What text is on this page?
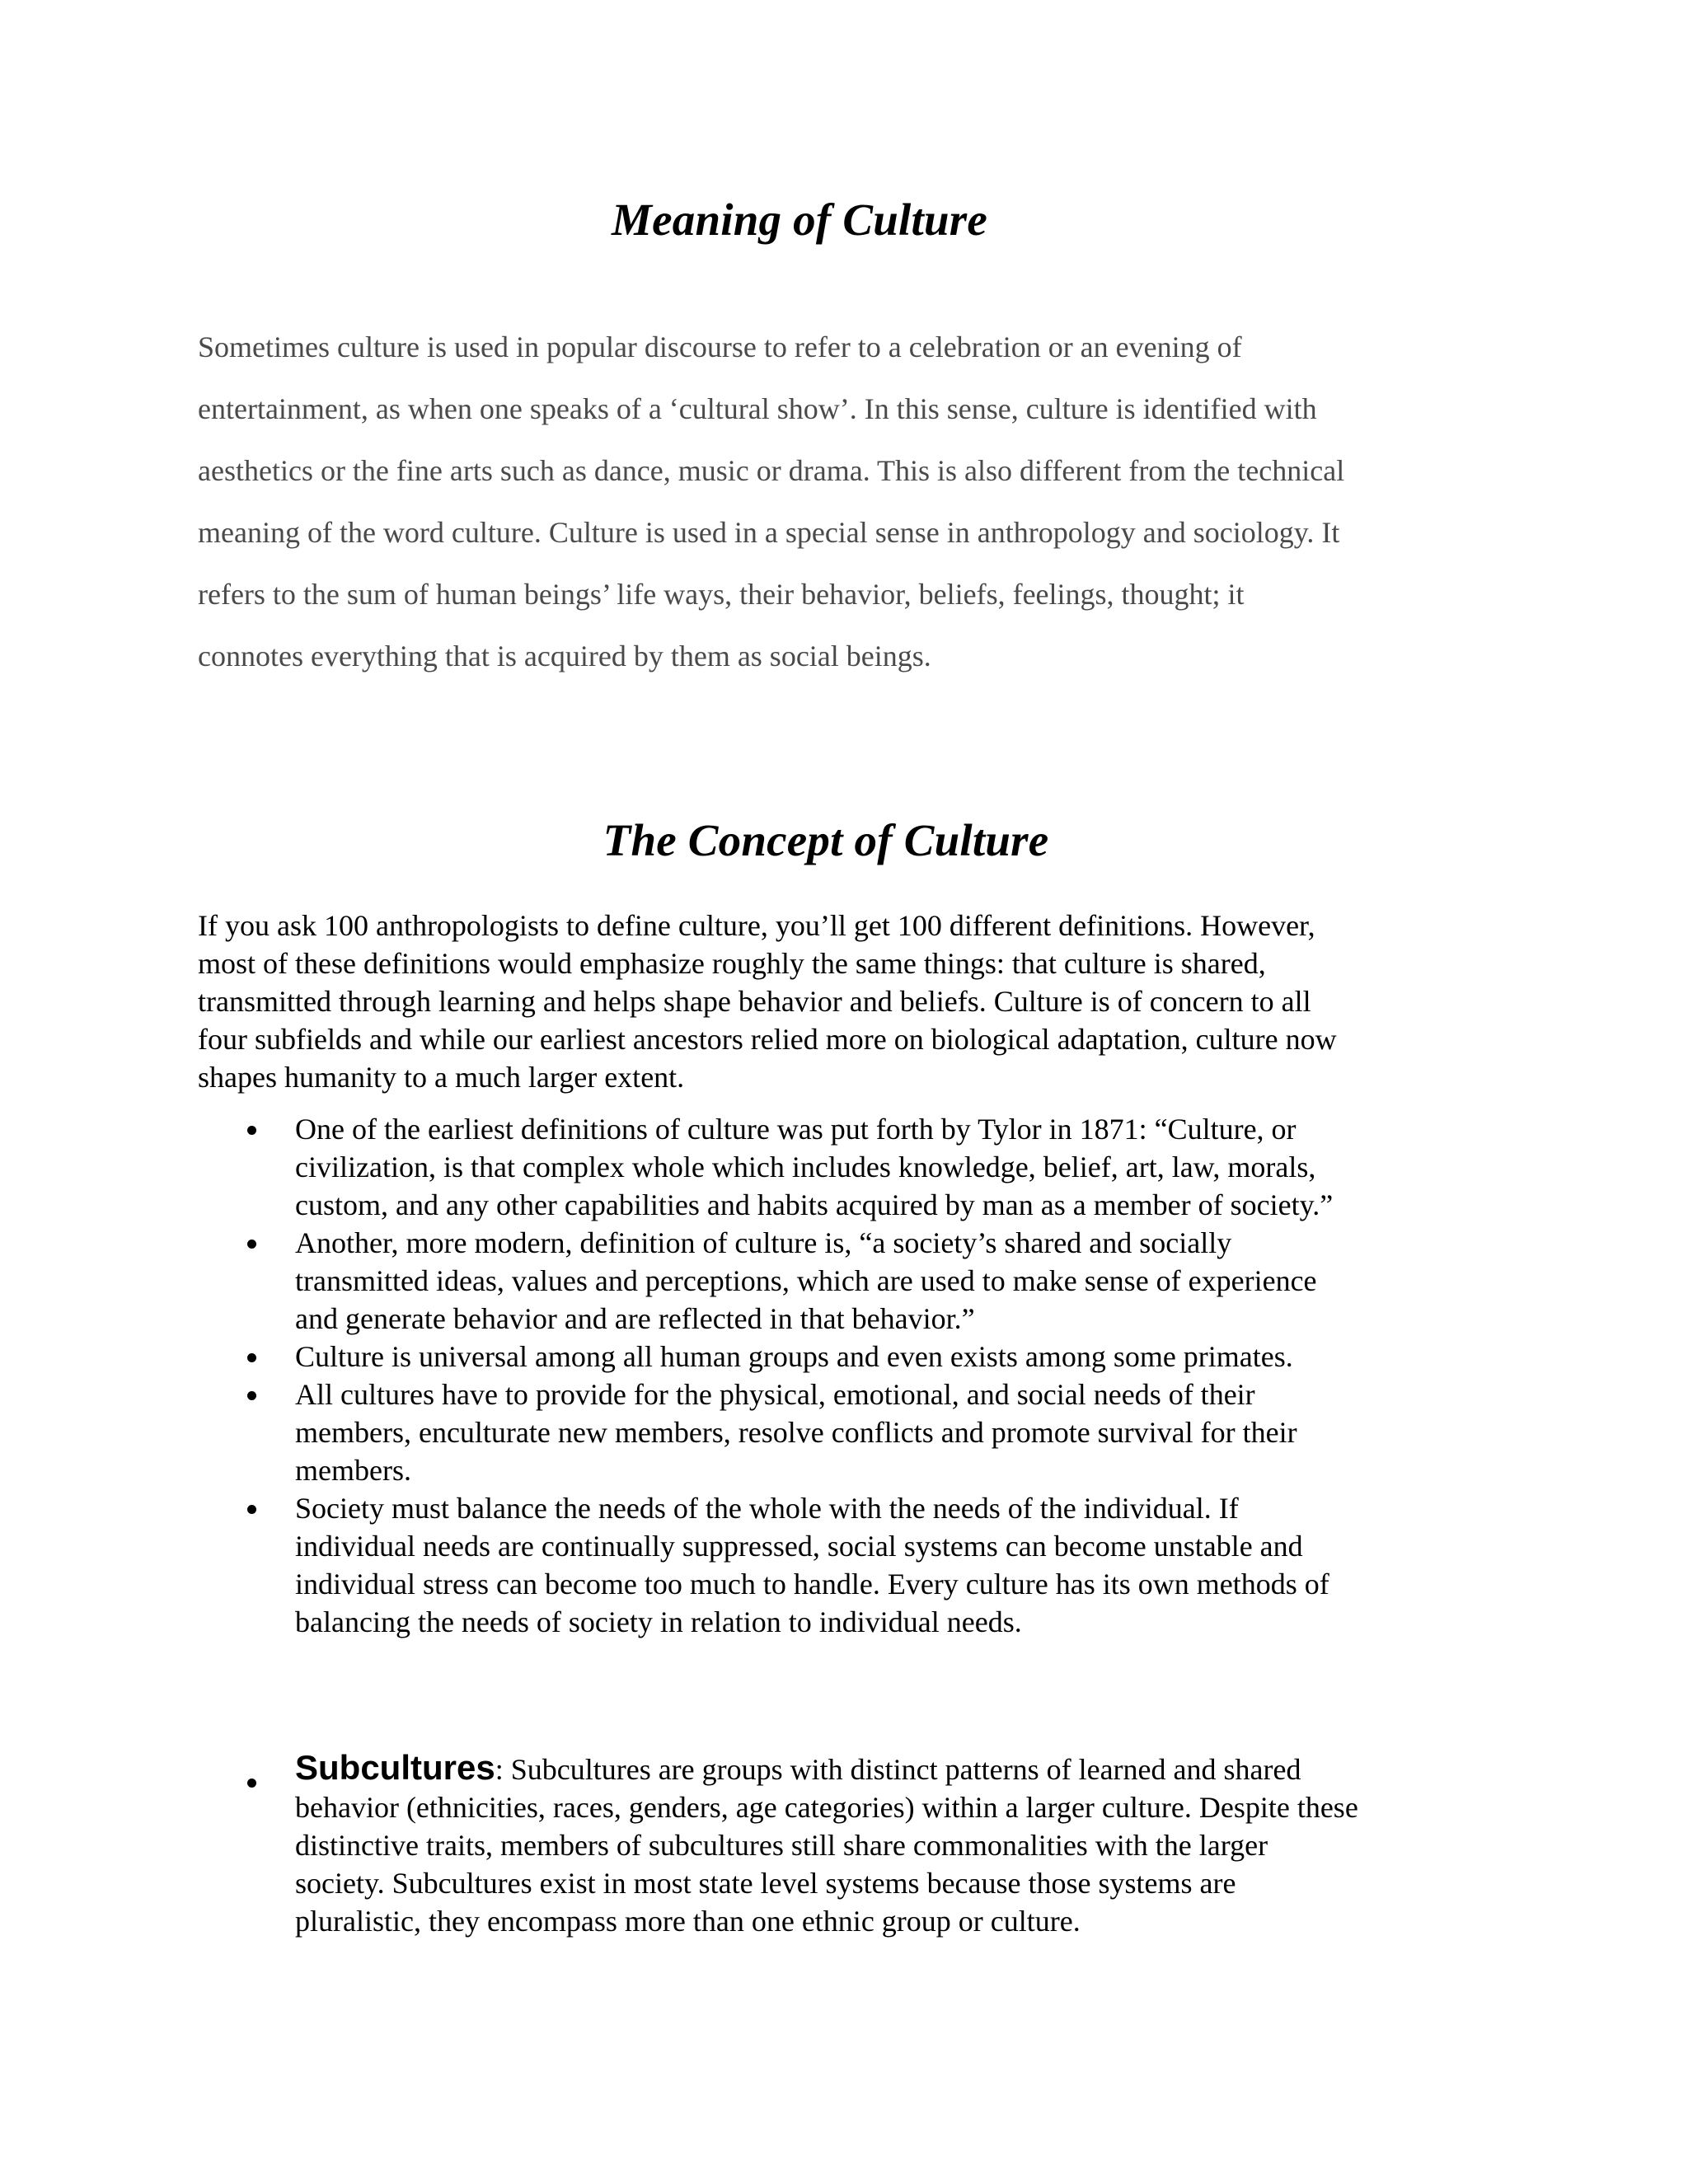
Meaning of Culture

Sometimes culture is used in popular discourse to refer to a celebration or an evening of
entertainment, as when one speaks of a ‘cultural show’. In this sense, culture is identified with
aesthetics or the fine arts such as dance, music or drama. This is also different from the technical
meaning of the word culture. Culture is used in a special sense in anthropology and sociology. It
refers to the sum of human beings’ life ways, their behavior, beliefs, feelings, thought; it
connotes everything that is acquired by them as social beings.

The Concept of Culture

If you ask 100 anthropologists to define culture, you’ll get 100 different definitions. However,
most of these definitions would emphasize roughly the same things: that culture is shared,
transmitted through learning and helps shape behavior and beliefs. Culture is of concern to all
four subfields and while our earliest ancestors relied more on biological adaptation, culture now
shapes humanity to a much larger extent.

One of the earliest definitions of culture was put forth by Tylor in 1871: “Culture, or
civilization, is that complex whole which includes knowledge, belief, art, law, morals,
custom, and any other capabilities and habits acquired by man as a member of society.”
Another, more modern, definition of culture is, “a society’s shared and socially
transmitted ideas, values and perceptions, which are used to make sense of experience
and generate behavior and are reflected in that behavior.”
Culture is universal among all human groups and even exists among some primates.
All cultures have to provide for the physical, emotional, and social needs of their
members, enculturate new members, resolve conflicts and promote survival for their
members.
Society must balance the needs of the whole with the needs of the individual. If
individual needs are continually suppressed, social systems can become unstable and
individual stress can become too much to handle. Every culture has its own methods of
balancing the needs of society in relation to individual needs.
Subcultures: Subcultures are groups with distinct patterns of learned and shared
behavior (ethnicities, races, genders, age categories) within a larger culture. Despite these
distinctive traits, members of subcultures still share commonalities with the larger
society. Subcultures exist in most state level systems because those systems are
pluralistic, they encompass more than one ethnic group or culture.
